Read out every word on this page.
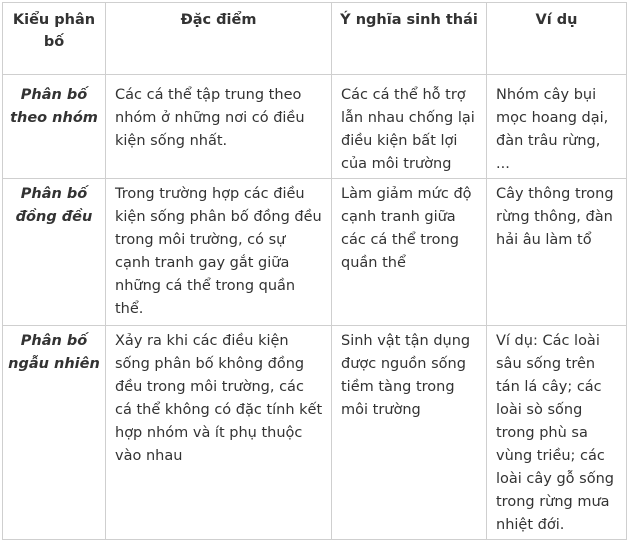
Kiểu phân bố	Đặc điểm	Ý nghĩa sinh thái	Ví dụ
Phân bố theo nhóm	Các cá thể tập trung theo nhóm ở những nơi có điều kiện sống nhất.	Các cá thể hỗ trợ lẫn nhau chống lại điều kiện bất lợi của môi trường	Nhóm cây bụi mọc hoang dại, đàn trâu rừng, ...
Phân bố đồng đều	Trong trường hợp các điều kiện sống phân bố đồng đều trong môi trường, có sự cạnh tranh gay gắt giữa những cá thể trong quần thể.	Làm giảm mức độ cạnh tranh giữa các cá thể trong quần thể	Cây thông trong rừng thông, đàn hải âu làm tổ
Phân bố ngẫu nhiên	Xảy ra khi các điều kiện sống phân bố không đồng đều trong môi trường, các cá thể không có đặc tính kết hợp nhóm và ít phụ thuộc vào nhau	Sinh vật tận dụng được nguồn sống tiềm tàng trong môi trường	Ví dụ: Các loài sâu sống trên tán lá cây; các loài sò sống trong phù sa vùng triều; các loài cây gỗ sống trong rừng mưa nhiệt đới.
